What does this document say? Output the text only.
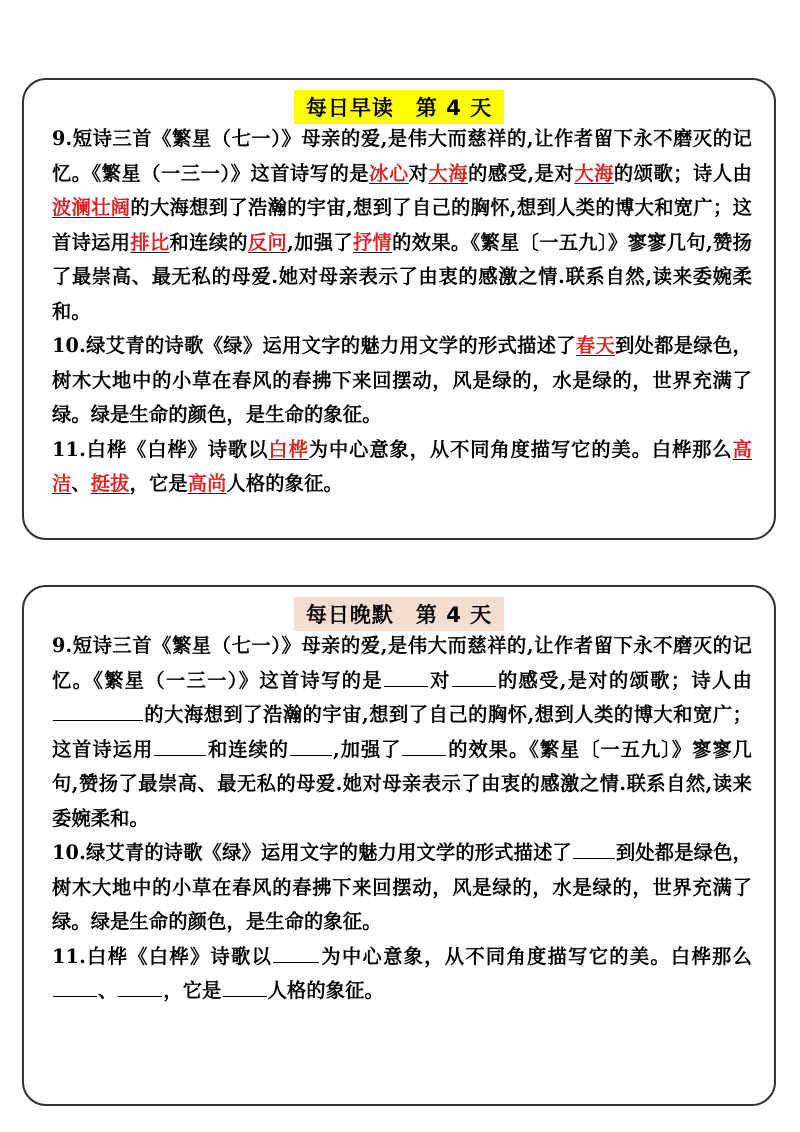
每日早读　第 4 天

9.短诗三首《繁星（七一）》母亲的爱,是伟大而慈祥的,让作者留下永不磨灭的记忆。《繁星（一三一）》这首诗写的是冰心对大海的感受,是对大海的颂歌；诗人由波澜壮阔的大海想到了浩瀚的宇宙,想到了自己的胸怀,想到人类的博大和宽广；这首诗运用排比和连续的反问,加强了抒情的效果。《繁星〔一五九〕》寥寥几句,赞扬了最崇高、最无私的母爱.她对母亲表示了由衷的感激之情.联系自然,读来委婉柔和。

10.绿艾青的诗歌《绿》运用文字的魅力用文学的形式描述了春天到处都是绿色，树木大地中的小草在春风的春拂下来回摆动，风是绿的，水是绿的，世界充满了绿。绿是生命的颜色，是生命的象征。

11.白桦《白桦》诗歌以白桦为中心意象，从不同角度描写它的美。白桦那么高洁、挺拔，它是高尚人格的象征。

每日晚默　第 4 天

9.短诗三首《繁星（七一）》母亲的爱,是伟大而慈祥的,让作者留下永不磨灭的记忆。《繁星（一三一）》这首诗写的是 对 的感受,是对的颂歌；诗人由的大海想到了浩瀚的宇宙,想到了自己的胸怀,想到人类的博大和宽广；这首诗运用	和连续的 ,加强了 的效果。《繁星〔一五九〕》寥寥几句,赞扬了最崇高、最无私的母爱.她对母亲表示了由衷的感激之情.联系自然,读来委婉柔和。

10.绿艾青的诗歌《绿》运用文字的魅力用文学的形式描述了 到处都是绿色，树木大地中的小草在春风的春拂下来回摆动，风是绿的，水是绿的，世界充满了绿。绿是生命的颜色，是生命的象征。

11.白桦《白桦》诗歌以	为中心意象，从不同角度描写它的美。白桦那么、 ，它是 人格的象征。
